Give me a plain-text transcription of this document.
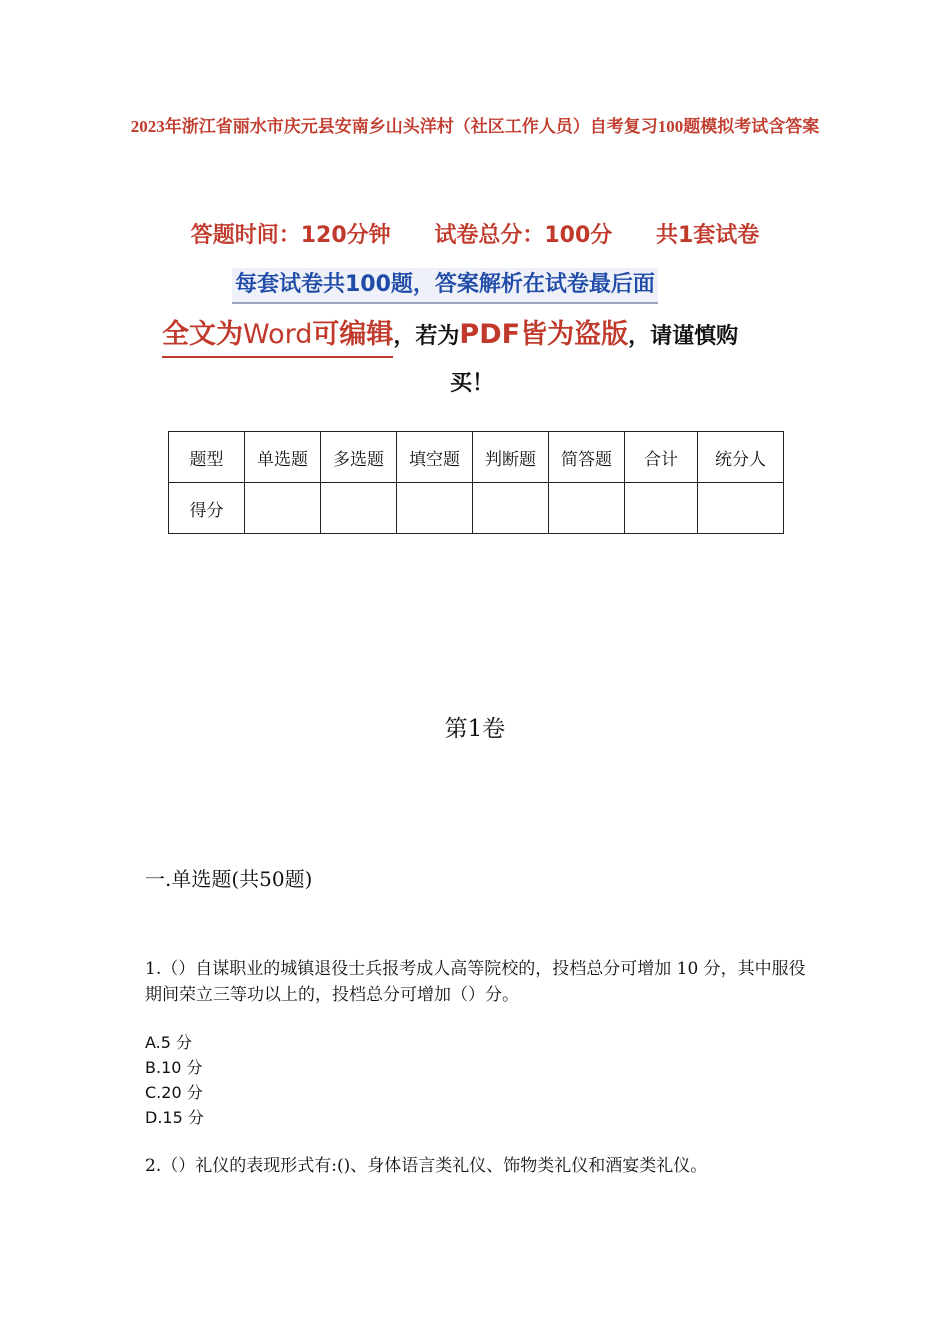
2023年浙江省丽水市庆元县安南乡山头洋村（社区工作人员）自考复习100题模拟考试含答案
答题时间：120分钟 试卷总分：100分 共1套试卷
每套试卷共100题，答案解析在试卷最后面
全文为Word可编辑，若为PDF皆为盗版，请谨慎购
买！
题型	单选题	多选题	填空题	判断题	简答题	合计	统分人
得分							
第1卷
一.单选题(共50题)
1.（）自谋职业的城镇退役士兵报考成人高等院校的，投档总分可增加 10 分，其中服役期间荣立三等功以上的，投档总分可增加（）分。
A.5 分
B.10 分
C.20 分
D.15 分
2.（）礼仪的表现形式有:()、身体语言类礼仪、饰物类礼仪和酒宴类礼仪。
